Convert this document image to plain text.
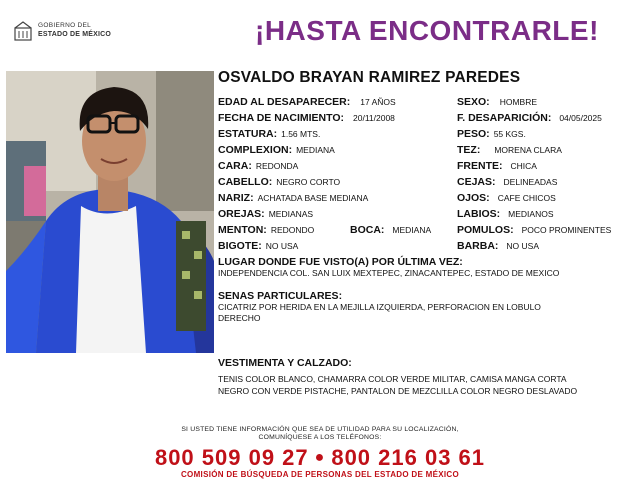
GOBIERNO DEL
ESTADO DE MÉXICO	¡HASTA ENCONTRARLE!
OSVALDO BRAYAN RAMIREZ PAREDES
EDAD AL DESAPARECER: 17 AÑOS
FECHA DE NACIMIENTO: 20/11/2008
ESTATURA: 1.56 MTS.
COMPLEXION: MEDIANA
CARA: REDONDA
CABELLO: NEGRO CORTO
NARIZ: ACHATADA BASE MEDIANA
OREJAS: MEDIANAS
MENTON: REDONDO	BOCA: MEDIANA
BIGOTE: NO USA
SEXO: HOMBRE
F. DESAPARICIÓN: 04/05/2025
PESO: 55 KGS.
TEZ: MORENA CLARA
FRENTE: CHICA
CEJAS: DELINEADAS
OJOS: CAFE CHICOS
LABIOS: MEDIANOS
POMULOS: POCO PROMINENTES
BARBA: NO USA
LUGAR DONDE FUE VISTO(A) POR ÚLTIMA VEZ:
INDEPENDENCIA COL. SAN LUIX MEXTEPEC, ZINACANTEPEC, ESTADO DE MEXICO
SENAS PARTICULARES:
CICATRIZ POR HERIDA EN LA MEJILLA IZQUIERDA, PERFORACION EN LOBULO
DERECHO
VESTIMENTA Y CALZADO:
TENIS COLOR BLANCO, CHAMARRA COLOR VERDE MILITAR, CAMISA MANGA CORTA
NEGRO CON VERDE PISTACHE, PANTALON DE MEZCLILLA COLOR NEGRO DESLAVADO
SI USTED TIENE INFORMACIÓN QUE SEA DE UTILIDAD PARA SU LOCALIZACIÓN,
COMUNÍQUESE A LOS TELÉFONOS:
800 509 09 27 ● 800 216 03 61
COMISIÓN DE BÚSQUEDA DE PERSONAS DEL ESTADO DE MÉXICO
